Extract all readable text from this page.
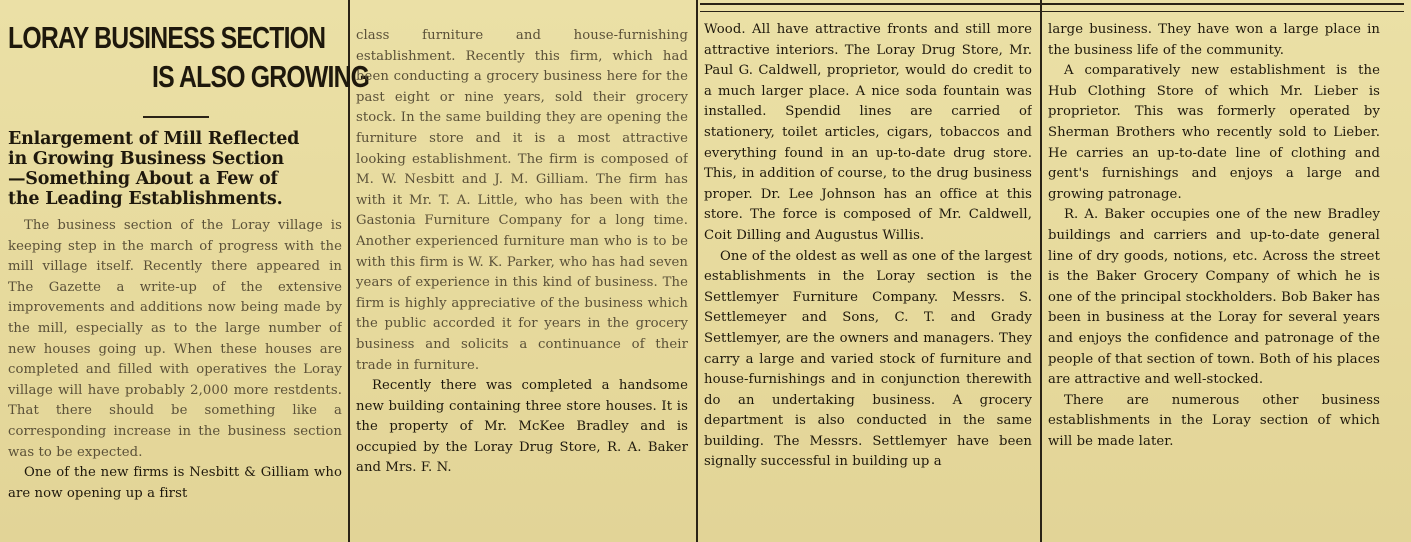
LORAY BUSINESS SECTION
IS ALSO GROWING
Enlargement of Mill Reflected
in Growing Business Section
—Something About a Few of
the Leading Establishments.

The business section of the Loray village is keeping step in the march of progress with the mill village itself. Recently there appeared in The Gazette a write-up of the extensive improvements and additions now being made by the mill, especially as to the large number of new houses going up. When these houses are completed and filled with operatives the Loray village will have probably 2,000 more restdents. That there should be something like a corresponding increase in the business section was to be expected.

One of the new firms is Nesbitt & Gilliam who are now opening up a first

class furniture and house-furnishing establishment. Recently this firm, which had been conducting a grocery business here for the past eight or nine years, sold their grocery stock. In the same building they are opening the furniture store and it is a most attractive looking establishment. The firm is composed of M. W. Nesbitt and J. M. Gilliam. The firm has with it Mr. T. A. Little, who has been with the Gastonia Furniture Company for a long time. Another experienced furniture man who is to be with this firm is W. K. Parker, who has had seven years of experience in this kind of business. The firm is highly appreciative of the business which the public accorded it for years in the grocery business and solicits a continuance of their trade in furniture.

Recently there was completed a handsome new building containing three store houses. It is the property of Mr. McKee Bradley and is occupied by the Loray Drug Store, R. A. Baker and Mrs. F. N.

Wood. All have attractive fronts and still more attractive interiors. The Loray Drug Store, Mr. Paul G. Caldwell, proprietor, would do credit to a much larger place. A nice soda fountain was installed. Spendid lines are carried of stationery, toilet articles, cigars, tobaccos and everything found in an up-to-date drug store. This, in addition of course, to the drug business proper. Dr. Lee Johnson has an office at this store. The force is composed of Mr. Caldwell, Coit Dilling and Augustus Willis.

One of the oldest as well as one of the largest establishments in the Loray section is the Settlemyer Furniture Company. Messrs. S. Settlemeyer and Sons, C. T. and Grady Settlemyer, are the owners and managers. They carry a large and varied stock of furniture and house-furnishings and in conjunction therewith do an undertaking business. A grocery department is also conducted in the same building. The Messrs. Settlemyer have been signally successful in building up a

large business. They have won a large place in the business life of the community.

A comparatively new establishment is the Hub Clothing Store of which Mr. Lieber is proprietor. This was formerly operated by Sherman Brothers who recently sold to Lieber. He carries an up-to-date line of clothing and gent's furnishings and enjoys a large and growing patronage.

R. A. Baker occupies one of the new Bradley buildings and carriers and up-to-date general line of dry goods, notions, etc. Across the street is the Baker Grocery Company of which he is one of the principal stockholders. Bob Baker has been in business at the Loray for several years and enjoys the confidence and patronage of the people of that section of town. Both of his places are attractive and well-stocked.

There are numerous other business establishments in the Loray section of which will be made later.
